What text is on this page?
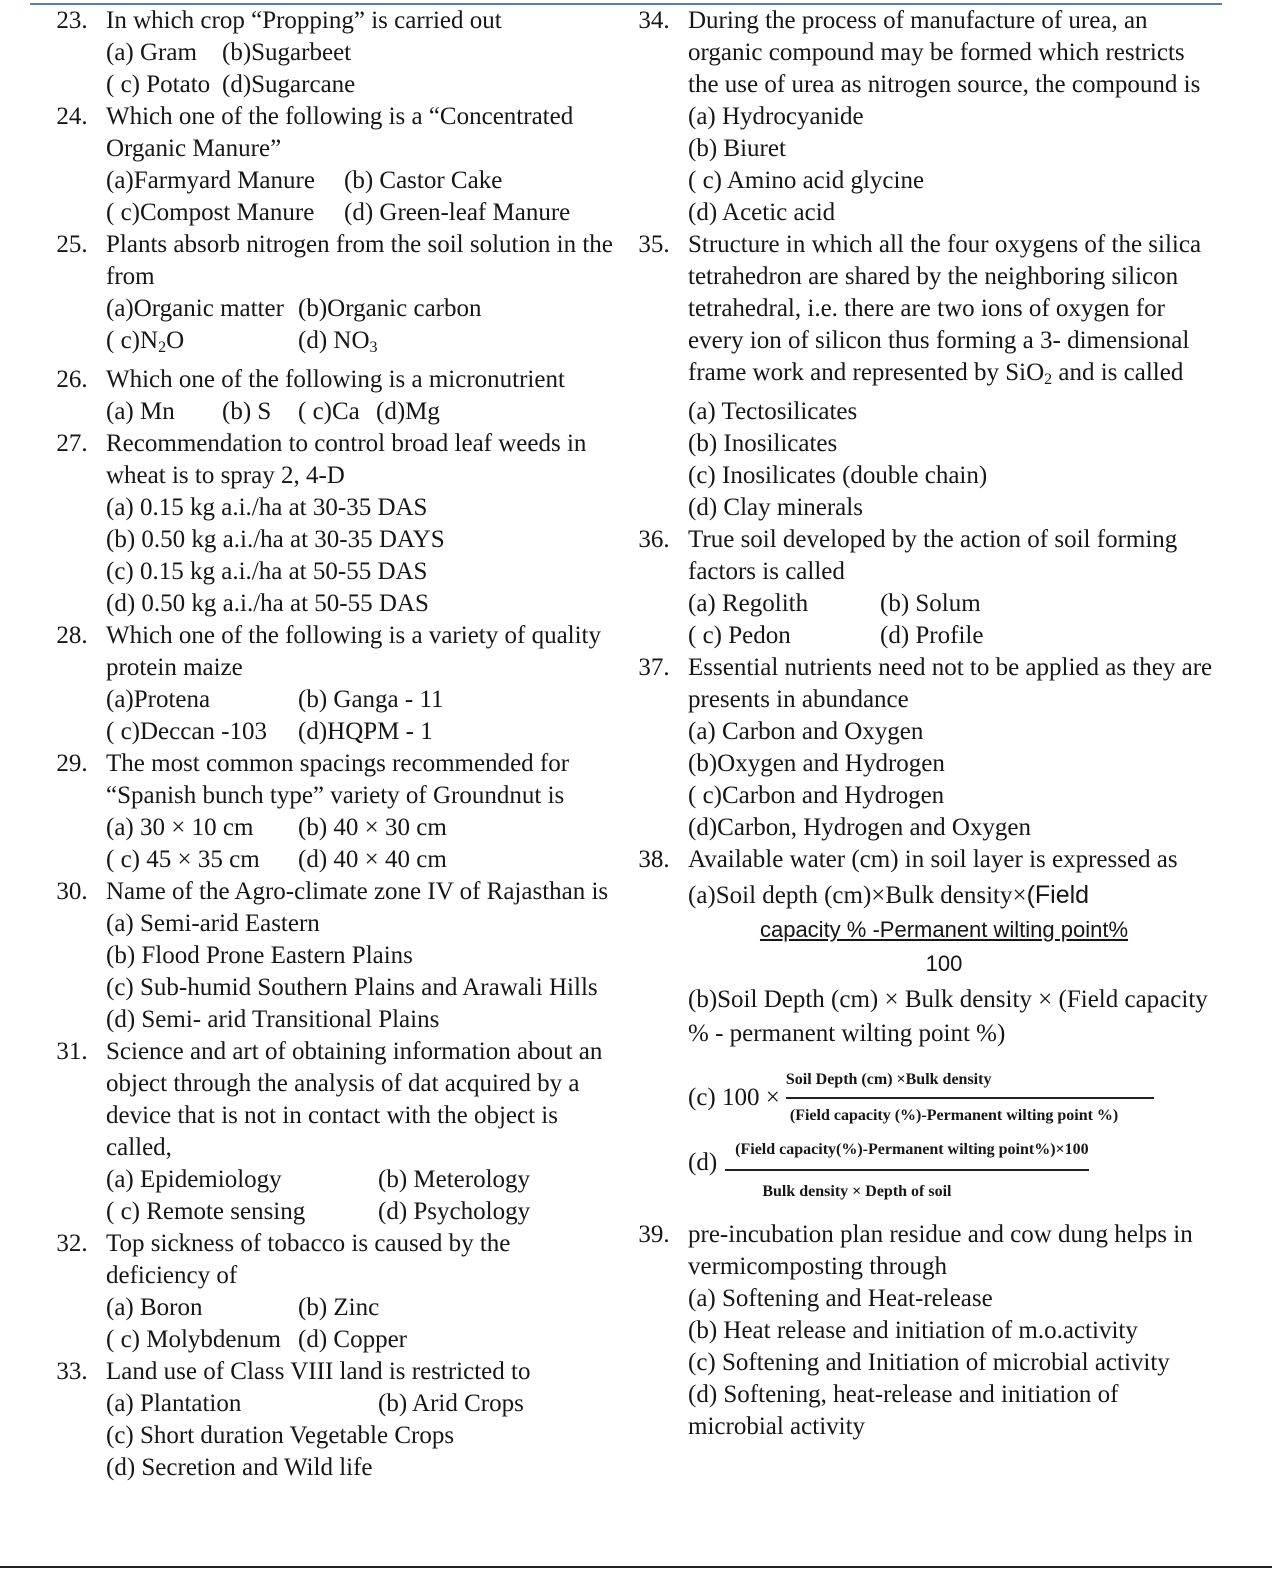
23. In which crop “Propping” is carried out
(a) Gram	(b)Sugarbeet
( c) Potato (d)Sugarcane
24. Which one of the following is a “Concentrated Organic Manure”
(a)Farmyard Manure	(b) Castor Cake
( c)Compost Manure	(d) Green-leaf Manure
25. Plants absorb nitrogen from the soil solution in the from
(a)Organic matter (b)Organic carbon
( $c)N_2O$	(d) $NO_3$
26. Which one of the following is a micronutrient
(a) Mn	(b) S	( c)Ca (d)Mg
27. Recommendation to control broad leaf weeds in wheat is to spray 2, 4-D
(a) 0.15 kg a.i./ha at 30-35 DAS
(b) 0.50 kg a.i./ha at 30-35 DAYS
(c) 0.15 kg a.i./ha at 50-55 DAS
(d) 0.50 kg a.i./ha at 50-55 DAS
28. Which one of the following is a variety of quality protein maize
(a)Protena	(b) Ganga - 11
( c)Deccan -103	(d)HQPM - 1
29. The most common spacings recommended for “Spanish bunch type” variety of Groundnut is
(a) 30 × 10 cm	(b) 40 × 30 cm
( c) 45 × 35 cm	(d) 40 × 40 cm
30. Name of the Agro-climate zone IV of Rajasthan is
(a) Semi-arid Eastern
(b) Flood Prone Eastern Plains
(c) Sub-humid Southern Plains and Arawali Hills
(d) Semi- arid Transitional Plains
31. Science and art of obtaining information about an object through the analysis of dat acquired by a device that is not in contact with the object is called,
(a) Epidemiology	(b) Meterology
( c) Remote sensing	(d) Psychology
32. Top sickness of tobacco is caused by the deficiency of
(a) Boron	(b) Zinc
( c) Molybdenum (d) Copper
33. Land use of Class VIII land is restricted to
(a) Plantation	(b) Arid Crops
(c) Short duration Vegetable Crops
(d) Secretion and Wild life
34. During the process of manufacture of urea, an organic compound may be formed which restricts the use of urea as nitrogen source, the compound is
(a) Hydrocyanide
(b) Biuret
( c) Amino acid glycine
(d) Acetic acid
35. Structure in which all the four oxygens of the silica tetrahedron are shared by the neighboring silicon tetrahedral, i.e. there are two ions of oxygen for every ion of silicon thus forming a 3- dimensional frame work and represented by SiO$_2$ and is called
(a) Tectosilicates
(b) Inosilicates
(c) Inosilicates (double chain)
(d) Clay minerals
36. True soil developed by the action of soil forming factors is called
(a) Regolith	(b) Solum
( c) Pedon	(d) Profile
37. Essential nutrients need not to be applied as they are presents in abundance
(a) Carbon and Oxygen
(b)Oxygen and Hydrogen
( c)Carbon and Hydrogen
(d)Carbon, Hydrogen and Oxygen
38. Available water (cm) in soil layer is expressed as
(a)Soil depth (cm)×Bulk density×(Field
capacity % -Permanent wilting point%
100
(b)Soil Depth (cm) × Bulk density × (Field capacity % - permanent wilting point %)
(c) $100 \times \frac{\text{Soil Depth (cm) ×Bulk density}}{\text{(Field capacity (\%)-Permanent wilting point \%)}}$
$(d) \frac{\text{(Field capacity(\%)-Permanent wilting point\%)×100}}{\text{Bulk density × Depth of soil}}$
39. pre-incubation plan residue and cow dung helps in vermicomposting through
(a) Softening and Heat-release
(b) Heat release and initiation of m.o.activity
(c) Softening and Initiation of microbial activity
(d) Softening, heat-release and initiation of microbial activity
